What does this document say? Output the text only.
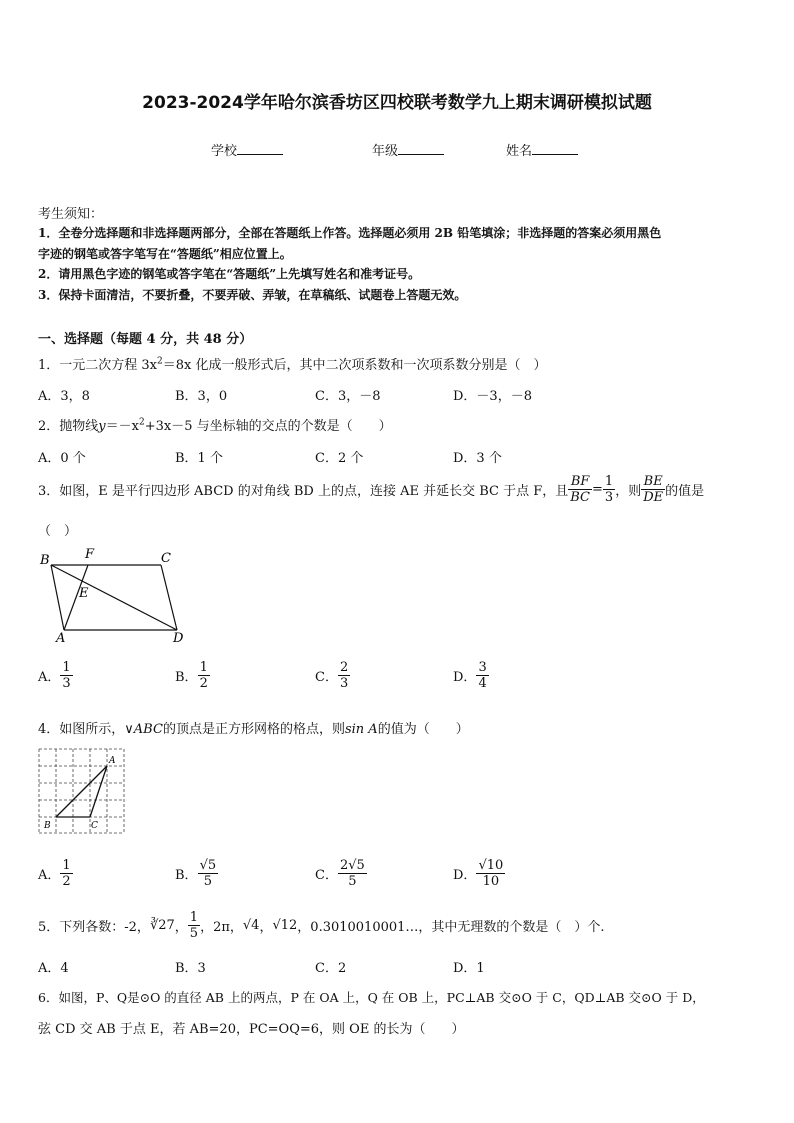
2023-2024学年哈尔滨香坊区四校联考数学九上期末调研模拟试题
学校	年级	姓名
考生须知：
1．全卷分选择题和非选择题两部分，全部在答题纸上作答。选择题必须用 2B 铅笔填涂；非选择题的答案必须用黑色
字迹的钢笔或答字笔写在“答题纸”相应位置上。
2．请用黑色字迹的钢笔或答字笔在“答题纸”上先填写姓名和准考证号。
3．保持卡面清洁，不要折叠，不要弄破、弄皱，在草稿纸、试题卷上答题无效。
一、选择题（每题 4 分，共 48 分）
1．一元二次方程 $3x^2=8x$ 化成一般形式后，其中二次项系数和一次项系数分别是（　）
A．3，8	B．3，0	C．3，－8	D．－3，－8
2．抛物线$y=-x^2+3x-5$ 与坐标轴的交点的个数是（　　）
A．0 个	B．1 个	C．2 个	D．3 个
3．如图，E 是平行四边形 ABCD 的对角线 BD 上的点，连接 AE 并延长交 BC 于点 F，且 $\frac{BF}{BC} = \frac{1}{3}$ ，则 $\frac{BE}{DE}$ 的值是
（　）
B	F	C
E
A	D
A． $\frac{1}{3}$	B． $\frac{1}{2}$	C． $\frac{2}{3}$	D． $\frac{3}{4}$
4．如图所示，∨ABC的顶点是正方形网格的格点，则sin A的值为（　　）
A
B	C
A． $\frac{1}{2}$	B． $\frac{√5}{5}$	C． $\frac{2√5}{5}$	D． $\frac{√10}{10}$
5．下列各数：-2， ∛27 ， $\frac{1}{5}$ ，2π， √4 ， √12 ，0.3010010001…，其中无理数的个数是（　）个.
A．4	B．3	C．2	D．1
6．如图，P、Q是⊙O 的直径 AB 上的两点，P 在 OA 上，Q 在 OB 上，PC⊥AB 交⊙O 于 C，QD⊥AB 交⊙O 于 D，
弦 CD 交 AB 于点 E，若 AB=20，PC=OQ=6，则 OE 的长为（　　）
